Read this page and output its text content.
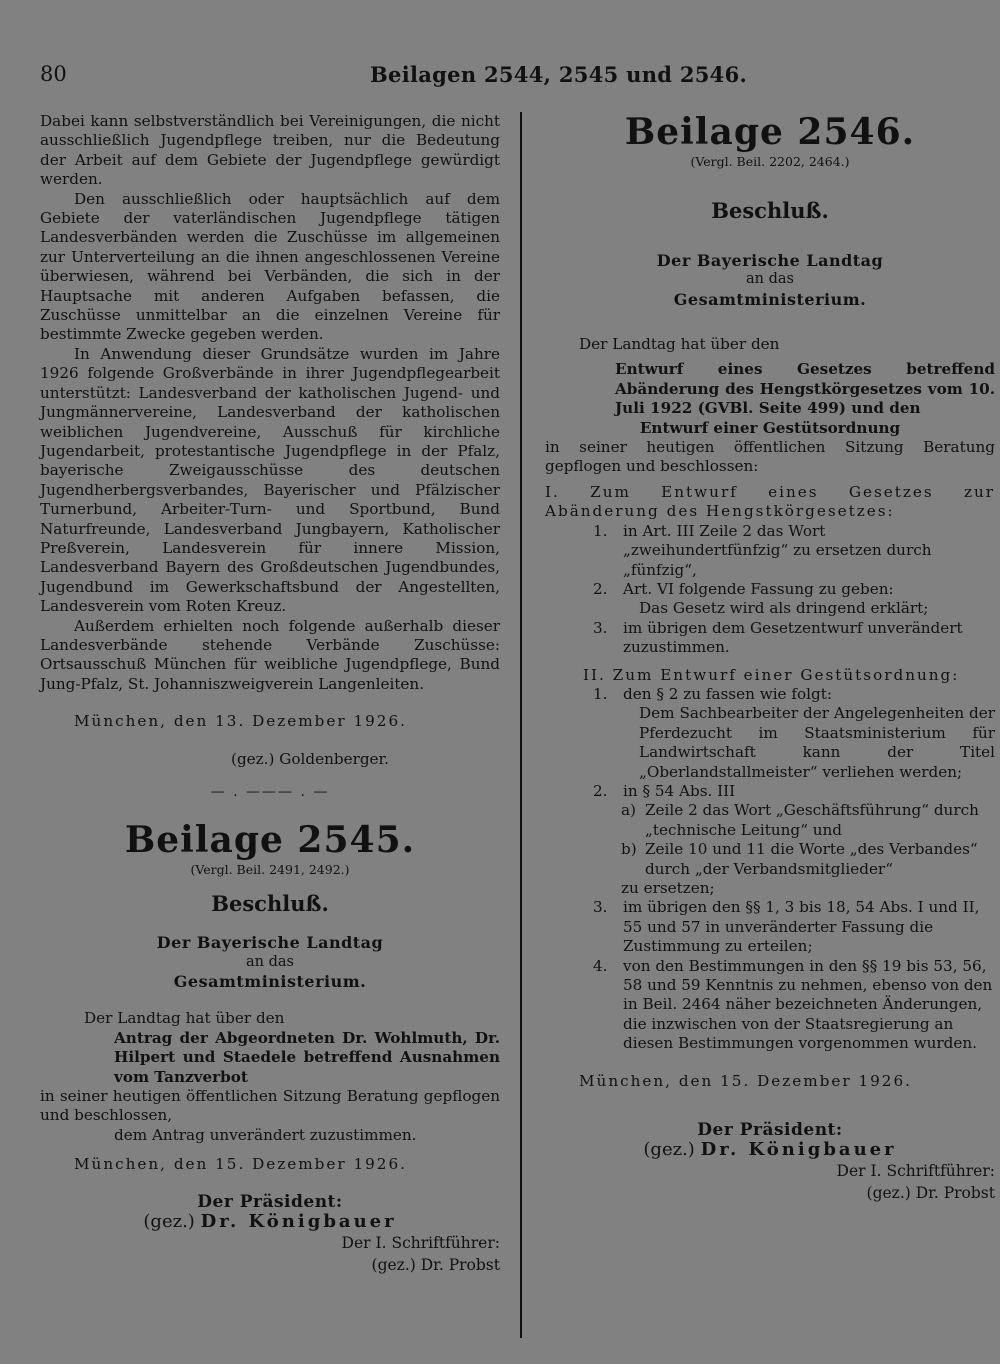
80	Beilagen 2544, 2545 und 2546.

Dabei kann selbstverständlich bei Vereinigungen, die nicht ausschließlich Jugendpflege treiben, nur die Bedeutung der Arbeit auf dem Gebiete der Jugendpflege gewürdigt werden.

Den ausschließlich oder hauptsächlich auf dem Gebiete der vaterländischen Jugendpflege tätigen Landesverbänden werden die Zuschüsse im allgemeinen zur Unterverteilung an die ihnen angeschlossenen Vereine überwiesen, während bei Verbänden, die sich in der Hauptsache mit anderen Aufgaben befassen, die Zuschüsse unmittelbar an die einzelnen Vereine für bestimmte Zwecke gegeben werden.

In Anwendung dieser Grundsätze wurden im Jahre 1926 folgende Großverbände in ihrer Jugendpflegearbeit unterstützt: Landesverband der katholischen Jugend- und Jungmännervereine, Landesverband der katholischen weiblichen Jugendvereine, Ausschuß für kirchliche Jugendarbeit, protestantische Jugendpflege in der Pfalz, bayerische Zweigausschüsse des deutschen Jugendherbergsverbandes, Bayerischer und Pfälzischer Turnerbund, Arbeiter-Turn- und Sportbund, Bund Naturfreunde, Landesverband Jungbayern, Katholischer Preßverein, Landesverein für innere Mission, Landesverband Bayern des Großdeutschen Jugendbundes, Jugendbund im Gewerkschaftsbund der Angestellten, Landesverein vom Roten Kreuz.

Außerdem erhielten noch folgende außerhalb dieser Landesverbände stehende Verbände Zuschüsse: Ortsausschuß München für weibliche Jugendpflege, Bund Jung-Pfalz, St. Johanniszweigverein Langenleiten.

München, den 13. Dezember 1926.

(gez.) Goldenberger.

— . ——— . —

Beilage 2545.
(Vergl. Beil. 2491, 2492.)
Beschluß.
Der Bayerische Landtag
an das
Gesamtministerium.

Der Landtag hat über den

Antrag der Abgeordneten Dr. Wohlmuth, Dr. Hilpert und Staedele betreffend Ausnahmen vom Tanzverbot

in seiner heutigen öffentlichen Sitzung Beratung gepflogen und beschlossen,

dem Antrag unverändert zuzustimmen.

München, den 15. Dezember 1926.

Der Präsident:
(gez.) Dr. Königbauer
Der I. Schriftführer:
(gez.) Dr. Probst
Beilage 2546.
(Vergl. Beil. 2202, 2464.)
Beschluß.
Der Bayerische Landtag
an das
Gesamtministerium.

Der Landtag hat über den

Entwurf eines Gesetzes betreffend Abänderung des Hengstkörgesetzes vom 10. Juli 1922 (GVBl. Seite 499) und den

Entwurf einer Gestütsordnung

in seiner heutigen öffentlichen Sitzung Beratung gepflogen und beschlossen:

I. Zum Entwurf eines Gesetzes zur Abänderung des Hengstkörgesetzes:

1. in Art. III Zeile 2 das Wort „zweihundertfünfzig“ zu ersetzen durch „fünfzig“,
2. Art. VI folgende Fassung zu geben:
Das Gesetz wird als dringend erklärt;
3. im übrigen dem Gesetzentwurf unverändert zuzustimmen.

II. Zum Entwurf einer Gestütsordnung:

1. den § 2 zu fassen wie folgt:

Dem Sachbearbeiter der Angelegenheiten der Pferdezucht im Staatsministerium für Landwirtschaft kann der Titel „Oberlandstallmeister“ verliehen werden;

2. in § 54 Abs. III
a) Zeile 2 das Wort „Geschäftsführung“ durch „technische Leitung“ und
b) Zeile 10 und 11 die Worte „des Verbandes“ durch „der Verbandsmitglieder“

zu ersetzen;

3. im übrigen den §§ 1, 3 bis 18, 54 Abs. I und II, 55 und 57 in unveränderter Fassung die Zustimmung zu erteilen;
4. von den Bestimmungen in den §§ 19 bis 53, 56, 58 und 59 Kenntnis zu nehmen, ebenso von den in Beil. 2464 näher bezeichneten Änderungen, die inzwischen von der Staatsregierung an diesen Bestimmungen vorgenommen wurden.

München, den 15. Dezember 1926.

Der Präsident:
(gez.) Dr. Königbauer
Der I. Schriftführer:
(gez.) Dr. Probst
